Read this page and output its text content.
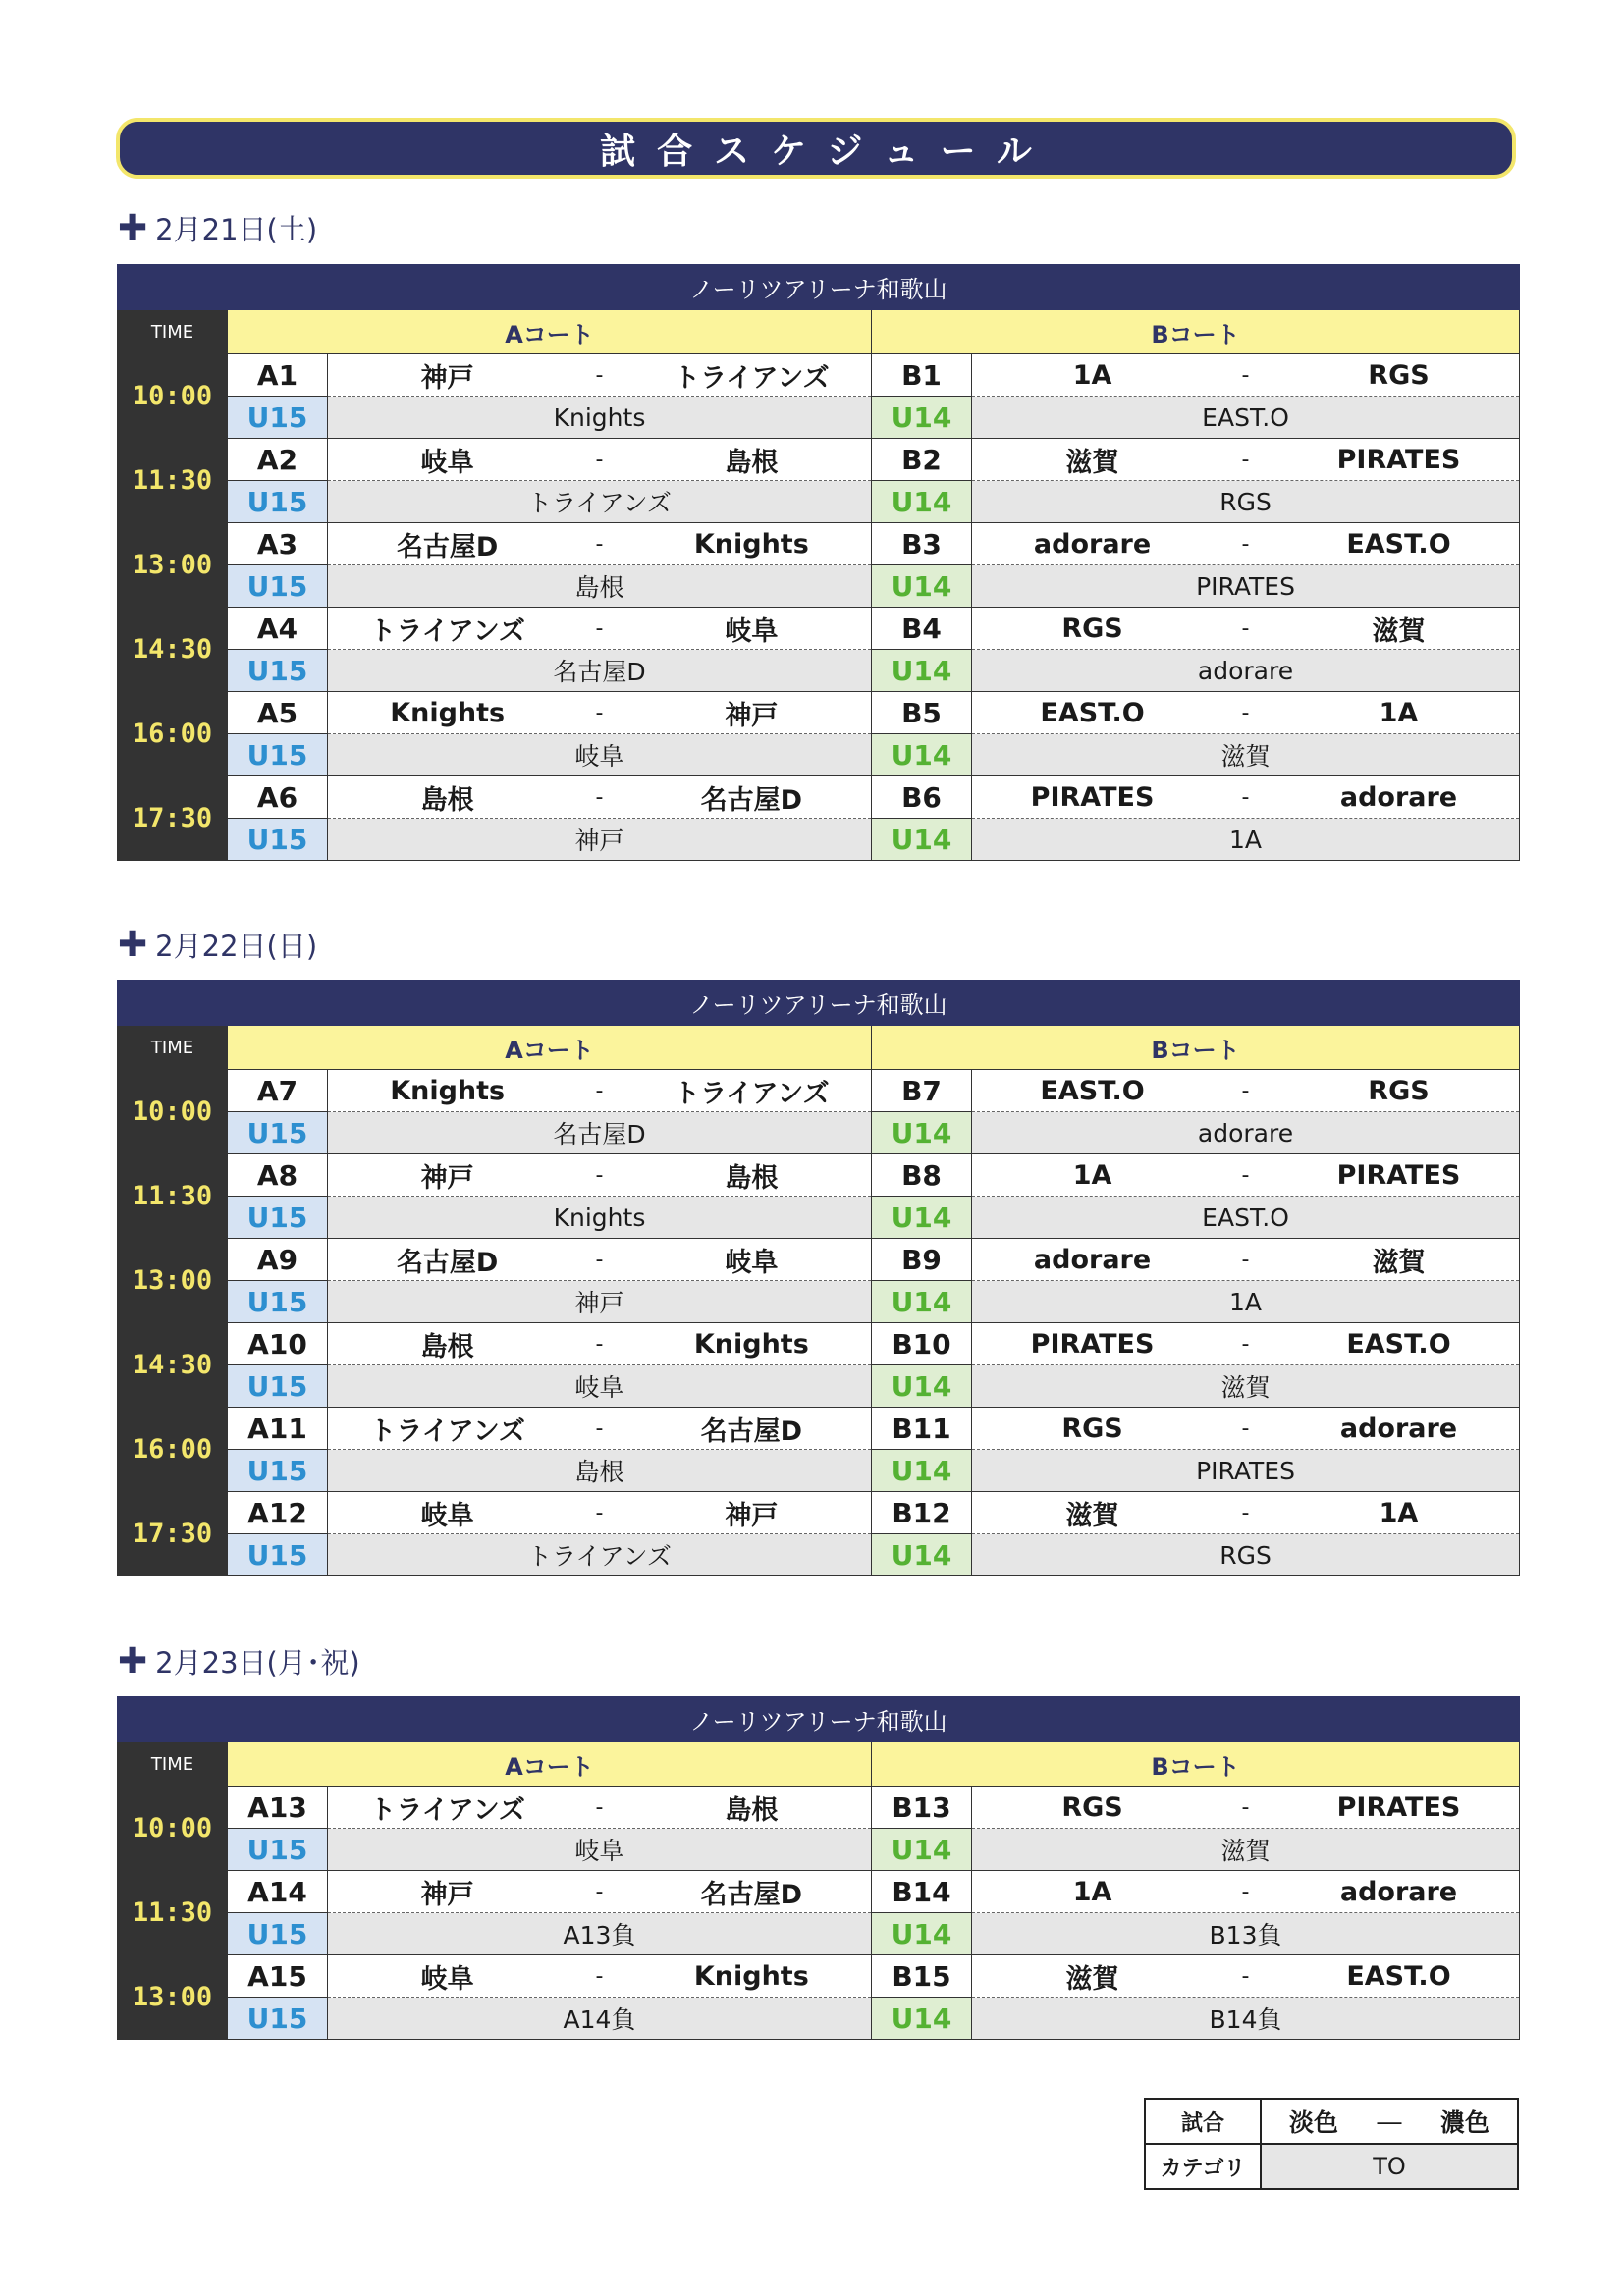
試合スケジュール
✚ 2月21日(土)
ノーリツアリーナ和歌山				
TIME	Aコート		Bコート	
10:00	A1	神戸 - トライアンズ	B1	1A - RGS

	U15	Knights	U14	EAST.O
11:30	A2	岐阜 - 島根	B2	滋賀 - PIRATES

	U15	トライアンズ	U14	RGS
13:00	A3	名古屋D - Knights	B3	adorare - EAST.O

	U15	島根	U14	PIRATES
14:30	A4	トライアンズ - 岐阜	B4	RGS - 滋賀

	U15	名古屋D	U14	adorare
16:00	A5	Knights - 神戸	B5	EAST.O - 1A

	U15	岐阜	U14	滋賀
17:30	A6	島根 - 名古屋D	B6	PIRATES - adorare

	U15	神戸	U14	1A
✚ 2月22日(日)
ノーリツアリーナ和歌山				
TIME	Aコート		Bコート	
10:00	A7	Knights - トライアンズ	B7	EAST.O - RGS

	U15	名古屋D	U14	adorare
11:30	A8	神戸 - 島根	B8	1A - PIRATES

	U15	Knights	U14	EAST.O
13:00	A9	名古屋D - 岐阜	B9	adorare - 滋賀

	U15	神戸	U14	1A
14:30	A10	島根 - Knights	B10	PIRATES - EAST.O

	U15	岐阜	U14	滋賀
16:00	A11	トライアンズ - 名古屋D	B11	RGS - adorare

	U15	島根	U14	PIRATES
17:30	A12	岐阜 - 神戸	B12	滋賀 - 1A

	U15	トライアンズ	U14	RGS
✚ 2月23日(月･祝)
ノーリツアリーナ和歌山				
TIME	Aコート		Bコート	
10:00	A13	トライアンズ - 島根	B13	RGS - PIRATES

	U15	岐阜	U14	滋賀
11:30	A14	神戸 - 名古屋D	B14	1A - adorare

	U15	A13負	U14	B13負
13:00	A15	岐阜 - Knights	B15	滋賀 - EAST.O

	U15	A14負	U14	B14負
試合	淡色 ― 濃色

カテゴリ	TO
